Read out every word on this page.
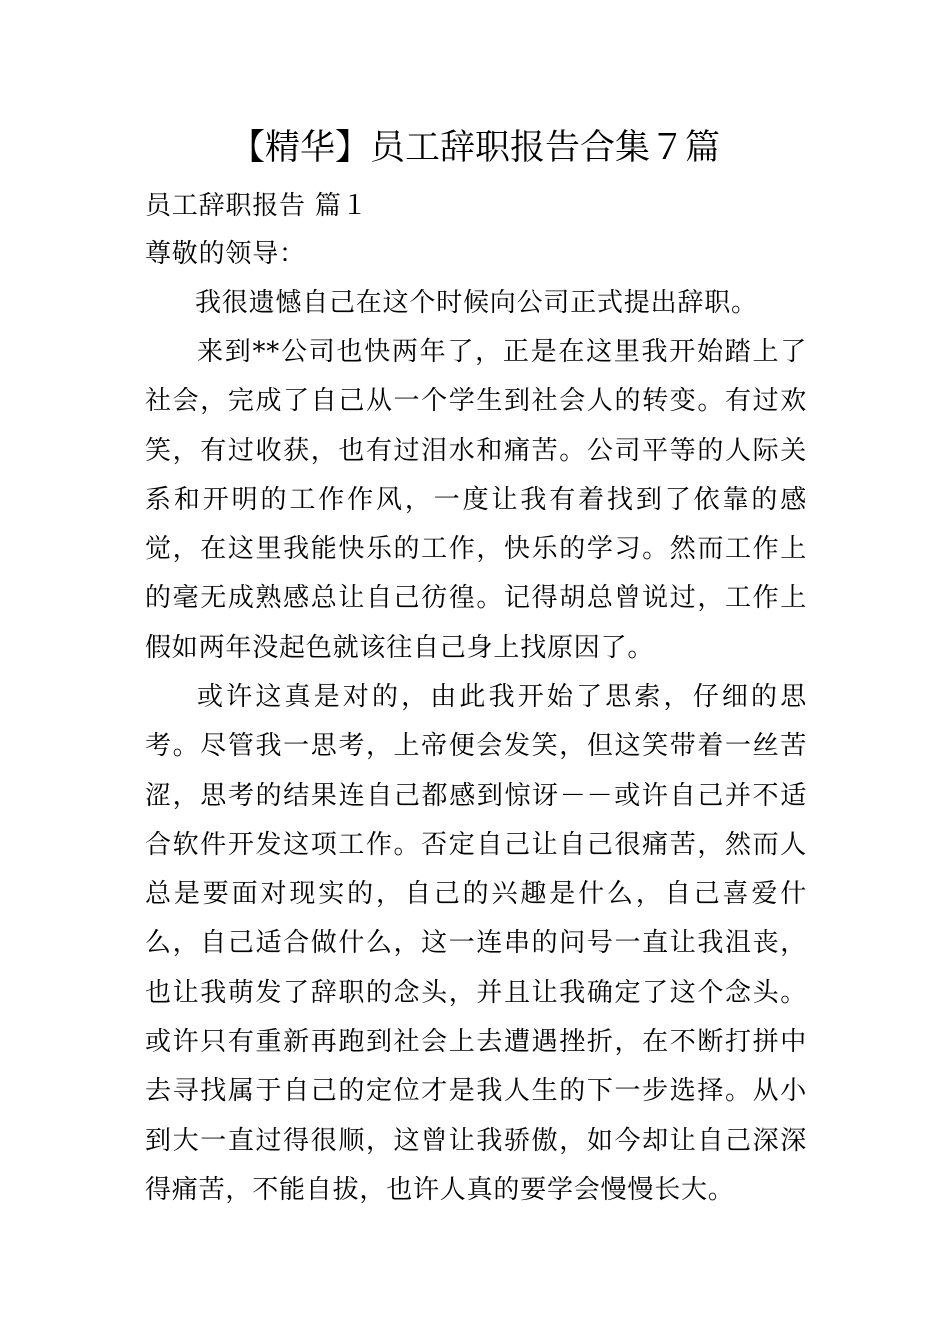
【精华】员工辞职报告合集７篇

员工辞职报告 篇１

尊敬的领导：

我很遗憾自己在这个时候向公司正式提出辞职。

来到**公司也快两年了，正是在这里我开始踏上了社会，完成了自己从一个学生到社会人的转变。有过欢笑，有过收获，也有过泪水和痛苦。公司平等的人际关系和开明的工作作风，一度让我有着找到了依靠的感觉，在这里我能快乐的工作，快乐的学习。然而工作上的毫无成熟感总让自己彷徨。记得胡总曾说过，工作上假如两年没起色就该往自己身上找原因了。

或许这真是对的，由此我开始了思索，仔细的思考。尽管我一思考，上帝便会发笑，但这笑带着一丝苦涩，思考的结果连自己都感到惊讶－－或许自己并不适合软件开发这项工作。否定自己让自己很痛苦，然而人总是要面对现实的，自己的兴趣是什么，自己喜爱什么，自己适合做什么，这一连串的问号一直让我沮丧，也让我萌发了辞职的念头，并且让我确定了这个念头。或许只有重新再跑到社会上去遭遇挫折，在不断打拼中去寻找属于自己的定位才是我人生的下一步选择。从小到大一直过得很顺，这曾让我骄傲，如今却让自己深深得痛苦，不能自拔，也许人真的要学会慢慢长大。
